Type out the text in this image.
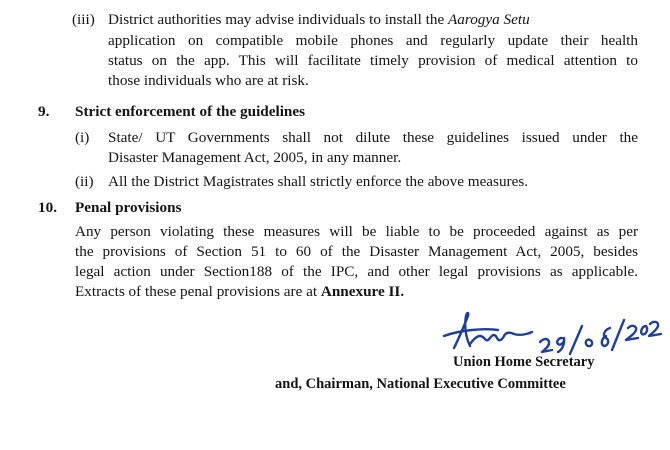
(iii) District authorities may advise individuals to install the Aarogya Setu
application on compatible mobile phones and regularly update their health
status on the app. This will facilitate timely provision of medical attention to
those individuals who are at risk.
9. Strict enforcement of the guidelines
(i) State/ UT Governments shall not dilute these guidelines issued under the
Disaster Management Act, 2005, in any manner.
(ii) All the District Magistrates shall strictly enforce the above measures.
10. Penal provisions
Any person violating these measures will be liable to be proceeded against as per
the provisions of Section 51 to 60 of the Disaster Management Act, 2005, besides
legal action under Section188 of the IPC, and other legal provisions as applicable.
Extracts of these penal provisions are at Annexure II.
29/06/2020
Union Home Secretary
and, Chairman, National Executive Committee
